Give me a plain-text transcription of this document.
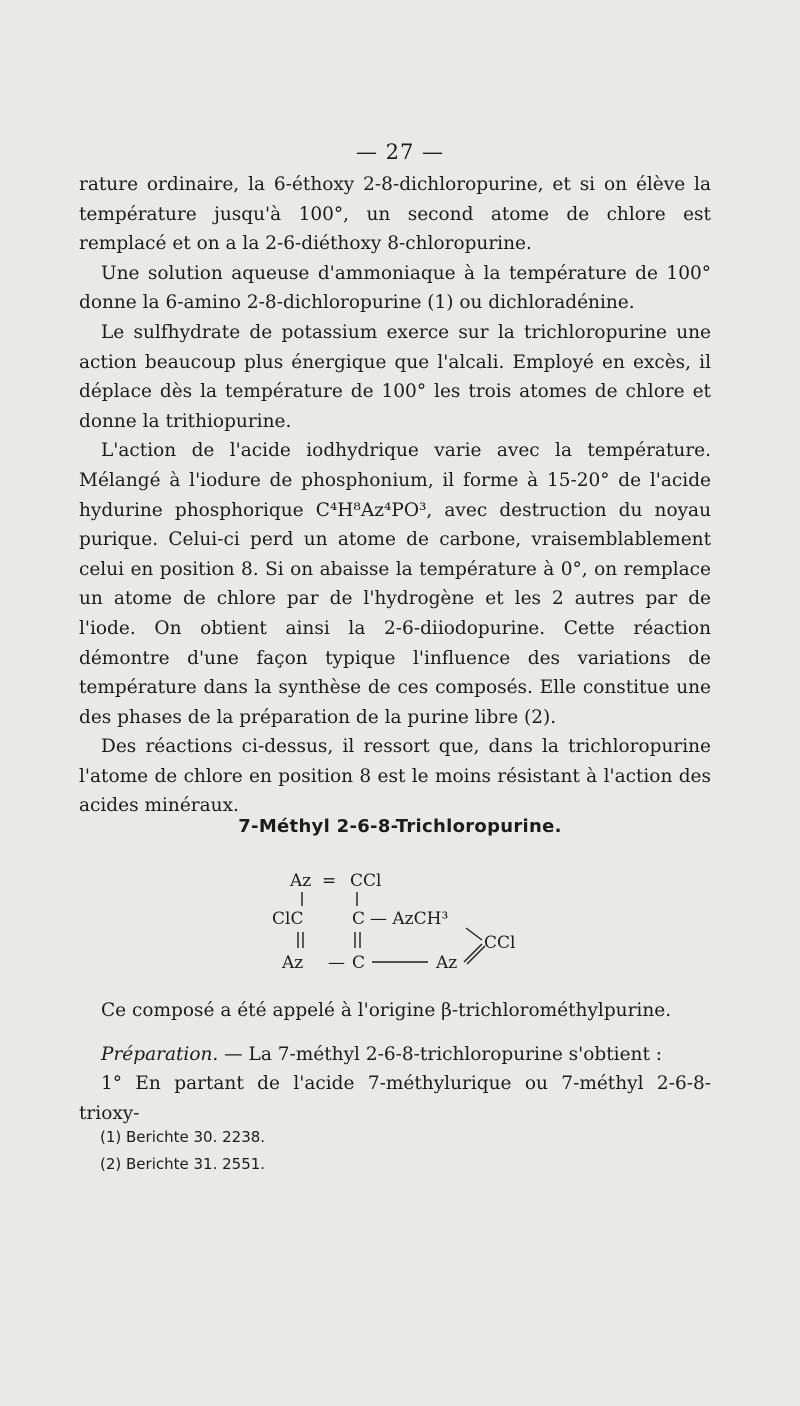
— 27 —

rature ordinaire, la 6-éthoxy 2-8-dichloropurine, et si on élève la température jusqu'à 100°, un second atome de chlore est remplacé et on a la 2-6-diéthoxy 8-chloropurine.

Une solution aqueuse d'ammoniaque à la température de 100° donne la 6-amino 2-8-dichloropurine (1) ou dichloradénine.

Le sulfhydrate de potassium exerce sur la trichloropurine une action beaucoup plus énergique que l'alcali. Employé en excès, il déplace dès la température de 100° les trois atomes de chlore et donne la trithiopurine.

L'action de l'acide iodhydrique varie avec la température. Mélangé à l'iodure de phosphonium, il forme à 15-20° de l'acide hydurine phosphorique C⁴H⁸Az⁴PO³, avec destruction du noyau purique. Celui-ci perd un atome de carbone, vraisemblablement celui en position 8. Si on abaisse la température à 0°, on remplace un atome de chlore par de l'hydrogène et les 2 autres par de l'iode. On obtient ainsi la 2-6-diiodopurine. Cette réaction démontre d'une façon typique l'influence des variations de température dans la synthèse de ces composés. Elle constitue une des phases de la préparation de la purine libre (2).

Des réactions ci-dessus, il ressort que, dans la trichloropurine l'atome de chlore en position 8 est le moins résistant à l'action des acides minéraux.

7-Méthyl 2-6-8-Trichloropurine.
Az = CCl
ClC	C — AzCH³
CCl
Az — C	Az

Ce composé a été appelé à l'origine β-trichlorométhylpurine.

Préparation. — La 7-méthyl 2-6-8-trichloropurine s'obtient :

1° En partant de l'acide 7-méthylurique ou 7-méthyl 2-6-8-trioxy-

(1) Berichte 30. 2238.
(2) Berichte 31. 2551.
